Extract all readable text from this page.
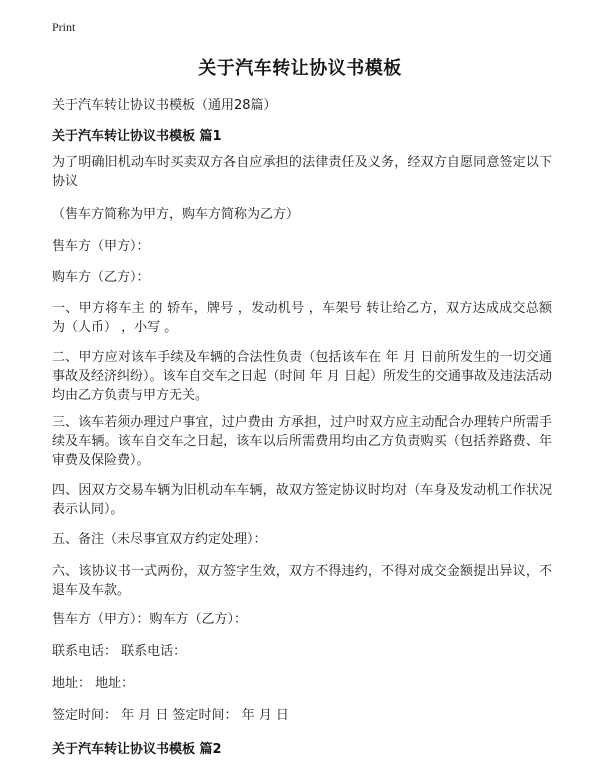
Print
关于汽车转让协议书模板
关于汽车转让协议书模板（通用28篇）
关于汽车转让协议书模板 篇1
为了明确旧机动车时买卖双方各自应承担的法律责任及义务，经双方自愿同意签定以下协议
（售车方简称为甲方，购车方简称为乙方）
售车方（甲方）：
购车方（乙方）：
一、甲方将车主 的 轿车，牌号 ，发动机号 ，车架号 转让给乙方，双方达成成交总额为（人币） ，小写 。
二、甲方应对该车手续及车辆的合法性负责（包括该车在 年 月 日前所发生的一切交通事故及经济纠纷）。该车自交车之日起（时间 年 月 日起）所发生的交通事故及违法活动均由乙方负责与甲方无关。
三、该车若须办理过户事宜，过户费由 方承担，过户时双方应主动配合办理转户所需手续及车辆。该车自交车之日起，该车以后所需费用均由乙方负责购买（包括养路费、年审费及保险费）。
四、因双方交易车辆为旧机动车车辆，故双方签定协议时均对（车身及发动机工作状况表示认同）。
五、备注（未尽事宜双方约定处理）：
六、该协议书一式两份，双方签字生效，双方不得违约，不得对成交金额提出异议，不退车及车款。
售车方（甲方）：购车方（乙方）：
联系电话： 联系电话：
地址： 地址：
签定时间： 年 月 日 签定时间： 年 月 日
关于汽车转让协议书模板 篇2
